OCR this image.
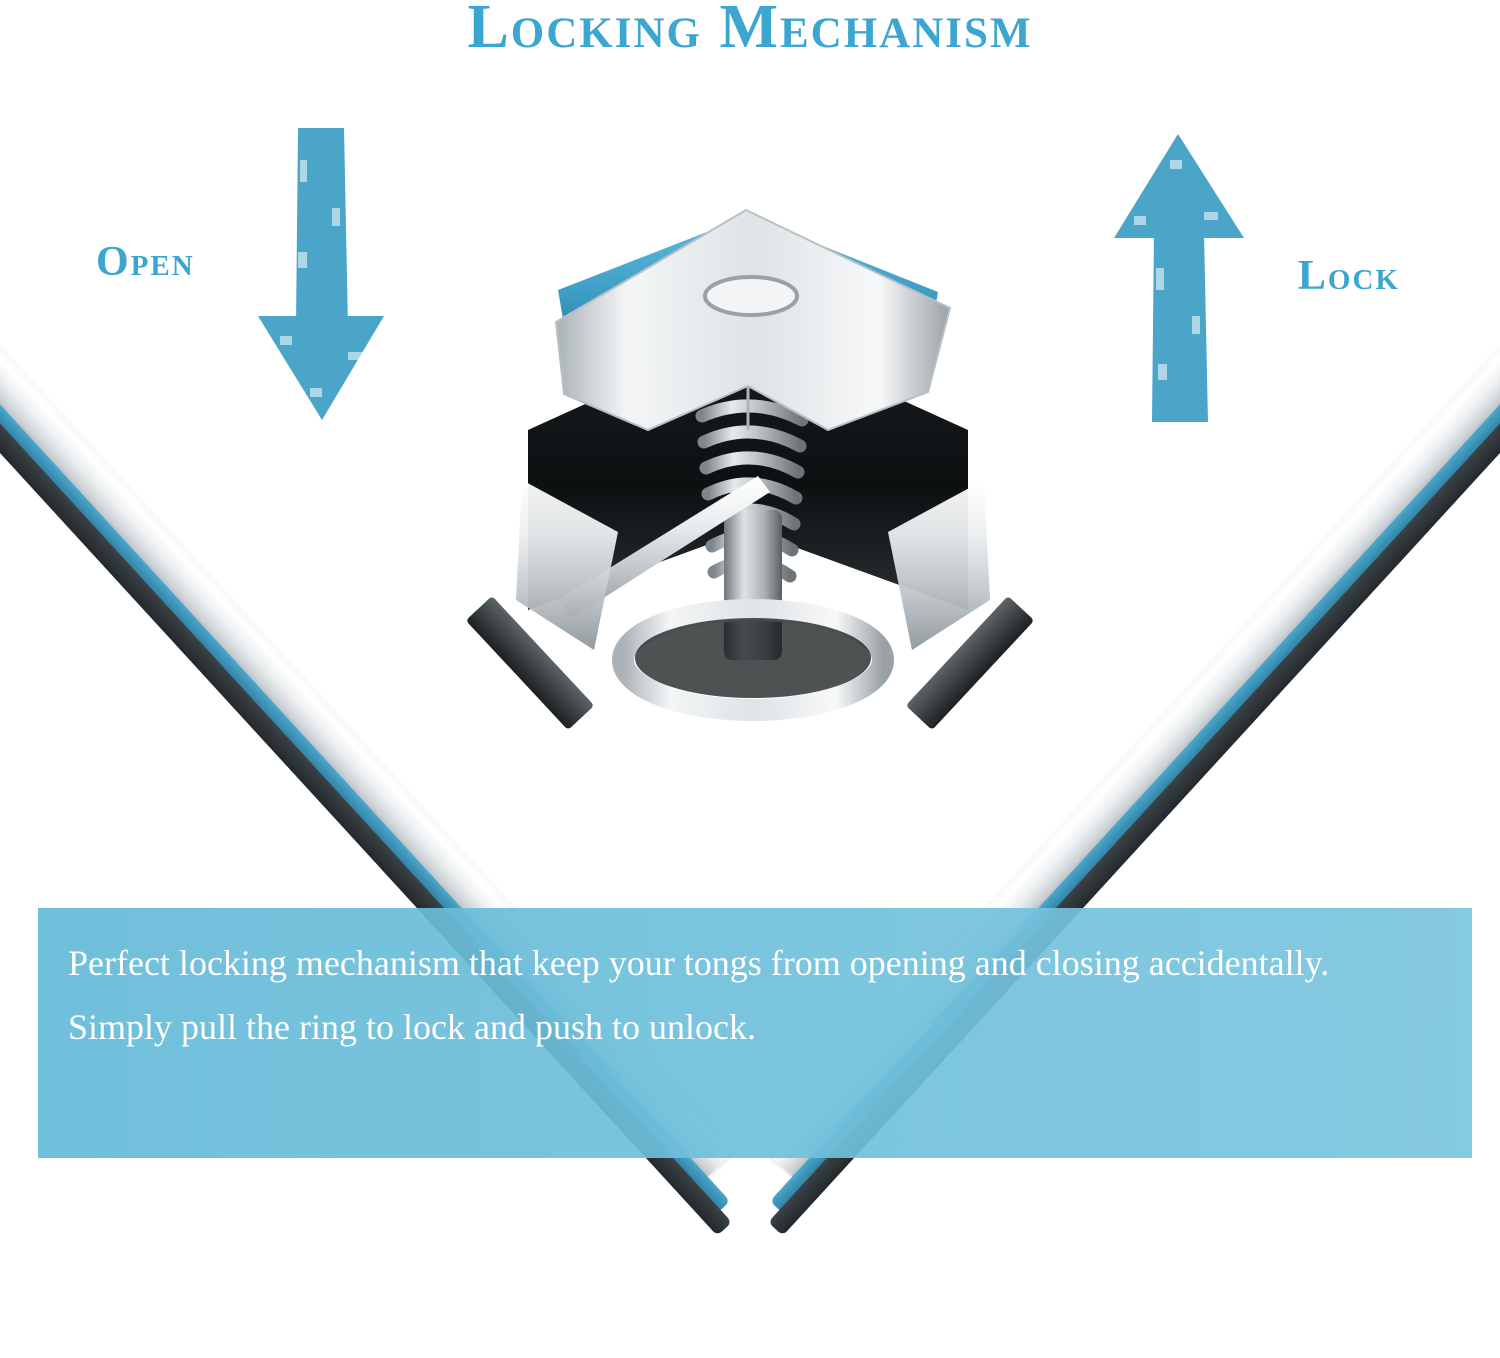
Locking Mechanism
Open	Lock

Perfect locking mechanism that keep your tongs from opening and closing accidentally.

Simply pull the ring to lock and push to unlock.
